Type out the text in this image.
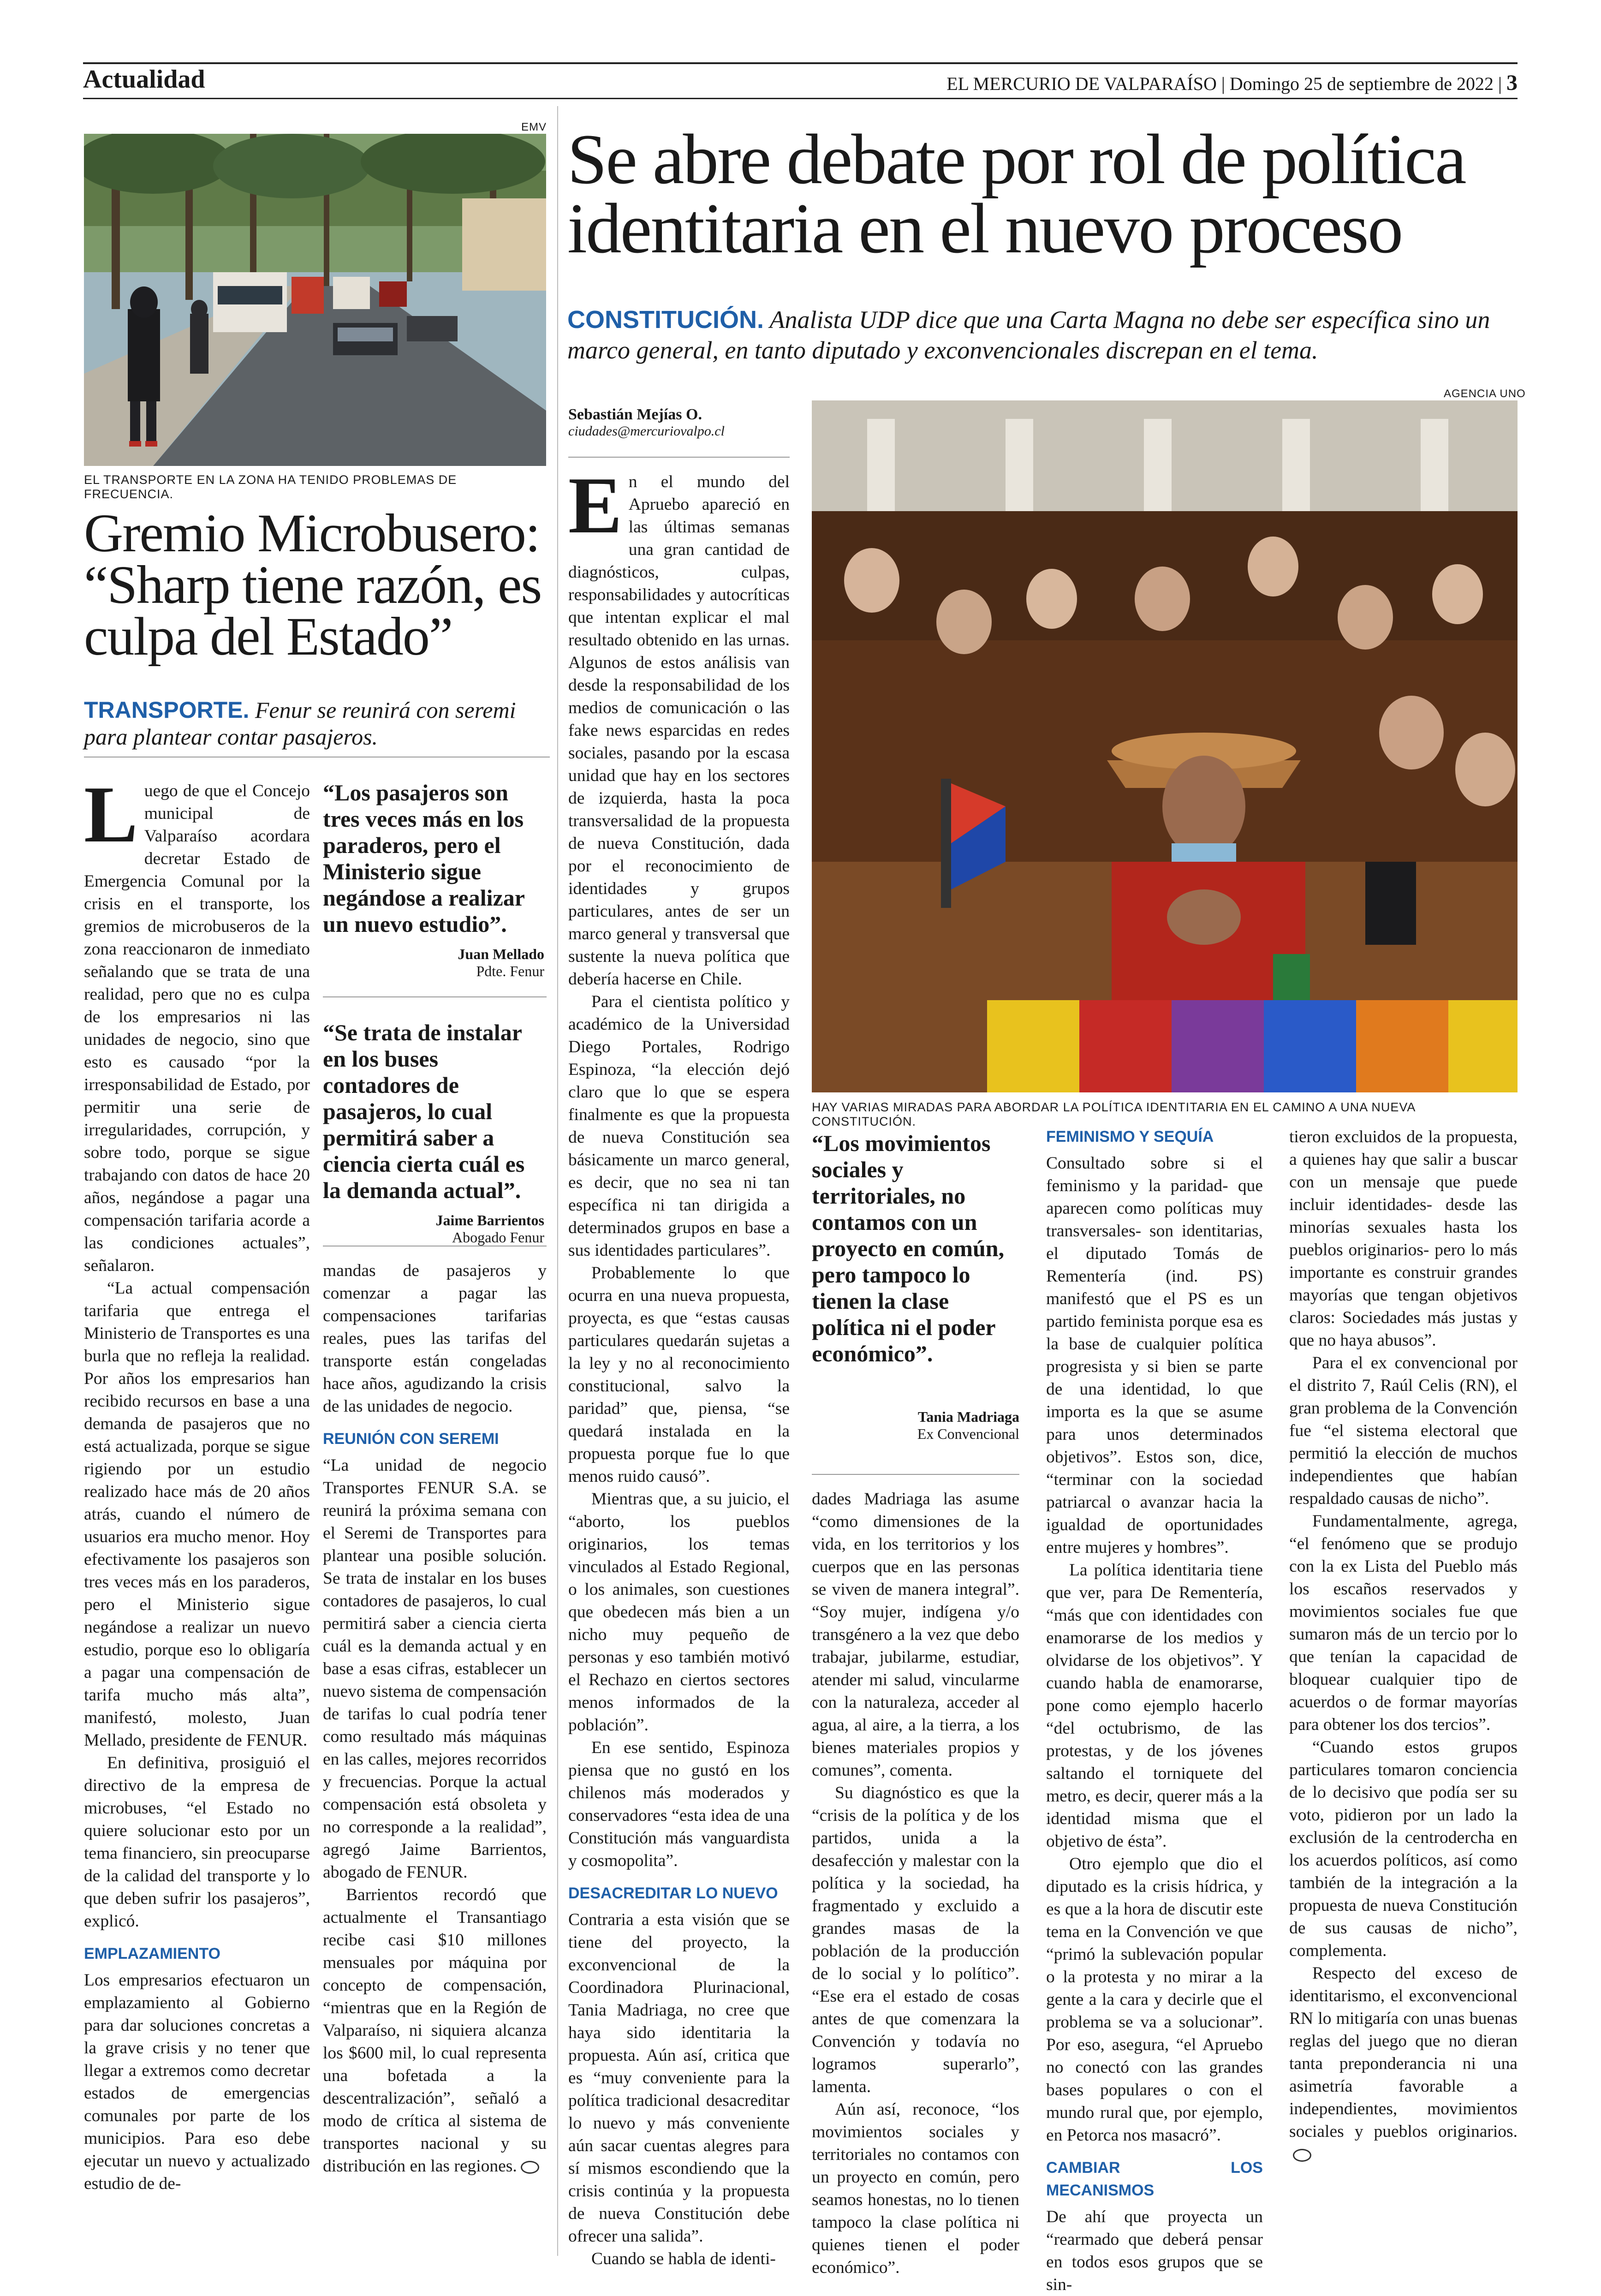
Actualidad	EL MERCURIO DE VALPARAÍSO | Domingo 25 de septiembre de 2022 | 3
EMV
EL TRANSPORTE EN LA ZONA HA TENIDO PROBLEMAS DE FRECUENCIA.
Gremio Microbusero: “Sharp tiene razón, es culpa del Estado”
TRANSPORTE. Fenur se reunirá con seremi para plantear contar pasajeros.

Luego de que el Concejo municipal de Valparaíso acordara decretar Estado de Emergencia Comunal por la crisis en el transporte, los gremios de microbuseros de la zona reaccionaron de inmediato señalando que se trata de una realidad, pero que no es culpa de los empresarios ni las unidades de negocio, sino que esto es causado “por la irresponsabilidad de Estado, por permitir una serie de irregularidades, corrupción, y sobre todo, porque se sigue trabajando con datos de hace 20 años, negándose a pagar una compensación tarifaria acorde a las condiciones actuales”, señalaron.

“La actual compensación tarifaria que entrega el Ministerio de Transportes es una burla que no refleja la realidad. Por años los empresarios han recibido recursos en base a una demanda de pasajeros que no está actualizada, porque se sigue rigiendo por un estudio realizado hace más de 20 años atrás, cuando el número de usuarios era mucho menor. Hoy efectivamente los pasajeros son tres veces más en los paraderos, pero el Ministerio sigue negándose a realizar un nuevo estudio, porque eso lo obligaría a pagar una compensación de tarifa mucho más alta”, manifestó, molesto, Juan Mellado, presidente de FENUR.

En definitiva, prosiguió el directivo de la empresa de microbuses, “el Estado no quiere solucionar esto por un tema financiero, sin preocuparse de la calidad del transporte y lo que deben sufrir los pasajeros”, explicó.

EMPLAZAMIENTO

Los empresarios efectuaron un emplazamiento al Gobierno para dar soluciones concretas a la grave crisis y no tener que llegar a extremos como decretar estados de emergencias comunales por parte de los municipios. Para eso debe ejecutar un nuevo y actualizado estudio de de-

“Los pasajeros son tres veces más en los paraderos, pero el Ministerio sigue negándose a realizar un nuevo estudio”.
Juan Mellado
Pdte. Fenur
“Se trata de instalar en los buses contadores de pasajeros, lo cual permitirá saber a ciencia cierta cuál es la demanda actual”.
Jaime Barrientos
Abogado Fenur

mandas de pasajeros y comenzar a pagar las compensaciones tarifarias reales, pues las tarifas del transporte están congeladas hace años, agudizando la crisis de las unidades de negocio.

REUNIÓN CON SEREMI

“La unidad de negocio Transportes FENUR S.A. se reunirá la próxima semana con el Seremi de Transportes para plantear una posible solución. Se trata de instalar en los buses contadores de pasajeros, lo cual permitirá saber a ciencia cierta cuál es la demanda actual y en base a esas cifras, establecer un nuevo sistema de compensación de tarifas lo cual podría tener como resultado más máquinas en las calles, mejores recorridos y frecuencias. Porque la actual compensación está obsoleta y no corresponde a la realidad”, agregó Jaime Barrientos, abogado de FENUR.

Barrientos recordó que actualmente el Transantiago recibe casi $10 millones mensuales por máquina por concepto de compensación, “mientras que en la Región de Valparaíso, ni siquiera alcanza los $600 mil, lo cual representa una bofetada a la descentralización”, señaló a modo de crítica al sistema de transportes nacional y su distribución en las regiones.

Se abre debate por rol de política identitaria en el nuevo proceso
CONSTITUCIÓN. Analista UDP dice que una Carta Magna no debe ser específica sino un marco general, en tanto diputado y exconvencionales discrepan en el tema.
Sebastián Mejías O.
ciudades@mercuriovalpo.cl
AGENCIA UNO
HAY VARIAS MIRADAS PARA ABORDAR LA POLÍTICA IDENTITARIA EN EL CAMINO A UNA NUEVA CONSTITUCIÓN.

En el mundo del Apruebo apareció en las últimas semanas una gran cantidad de diagnósticos, culpas, responsabilidades y autocríticas que intentan explicar el mal resultado obtenido en las urnas. Algunos de estos análisis van desde la responsabilidad de los medios de comunicación o las fake news esparcidas en redes sociales, pasando por la escasa unidad que hay en los sectores de izquierda, hasta la poca transversalidad de la propuesta de nueva Constitución, dada por el reconocimiento de identidades y grupos particulares, antes de ser un marco general y transversal que sustente la nueva política que debería hacerse en Chile.

Para el cientista político y académico de la Universidad Diego Portales, Rodrigo Espinoza, “la elección dejó claro que lo que se espera finalmente es que la propuesta de nueva Constitución sea básicamente un marco general, es decir, que no sea ni tan específica ni tan dirigida a determinados grupos en base a sus identidades particulares”.

Probablemente lo que ocurra en una nueva propuesta, proyecta, es que “estas causas particulares quedarán sujetas a la ley y no al reconocimiento constitucional, salvo la paridad” que, piensa, “se quedará instalada en la propuesta porque fue lo que menos ruido causó”.

Mientras que, a su juicio, el “aborto, los pueblos originarios, los temas vinculados al Estado Regional, o los animales, son cuestiones que obedecen más bien a un nicho muy pequeño de personas y eso también motivó el Rechazo en ciertos sectores menos informados de la población”.

En ese sentido, Espinoza piensa que no gustó en los chilenos más moderados y conservadores “esta idea de una Constitución más vanguardista y cosmopolita”.

DESACREDITAR LO NUEVO

Contraria a esta visión que se tiene del proyecto, la exconvencional de la Coordinadora Plurinacional, Tania Madriaga, no cree que haya sido identitaria la propuesta. Aún así, critica que es “muy conveniente para la política tradicional desacreditar lo nuevo y más conveniente aún sacar cuentas alegres para sí mismos escondiendo que la crisis continúa y la propuesta de nueva Constitución debe ofrecer una salida”.

Cuando se habla de identi-

“Los movimientos sociales y territoriales, no contamos con un proyecto en común, pero tampoco lo tienen la clase política ni el poder económico”.
Tania Madriaga
Ex Convencional

dades Madriaga las asume “como dimensiones de la vida, en los territorios y los cuerpos que en las personas se viven de manera integral”. “Soy mujer, indígena y/o transgénero a la vez que debo trabajar, jubilarme, estudiar, atender mi salud, vincularme con la naturaleza, acceder al agua, al aire, a la tierra, a los bienes materiales propios y comunes”, comenta.

Su diagnóstico es que la “crisis de la política y de los partidos, unida a la desafección y malestar con la política y la sociedad, ha fragmentado y excluido a grandes masas de la población de la producción de lo social y lo político”. “Ese era el estado de cosas antes de que comenzara la Convención y todavía no logramos superarlo”, lamenta.

Aún así, reconoce, “los movimientos sociales y territoriales no contamos con un proyecto en común, pero seamos honestas, no lo tienen tampoco la clase política ni quienes tienen el poder económico”.

FEMINISMO Y SEQUÍA

Consultado sobre si el feminismo y la paridad- que aparecen como políticas muy transversales- son identitarias, el diputado Tomás de Rementería (ind. PS) manifestó que el PS es un partido feminista porque esa es la base de cualquier política progresista y si bien se parte de una identidad, lo que importa es la que se asume para unos determinados objetivos”. Estos son, dice, “terminar con la sociedad patriarcal o avanzar hacia la igualdad de oportunidades entre mujeres y hombres”.

La política identitaria tiene que ver, para De Rementería, “más que con identidades con enamorarse de los medios y olvidarse de los objetivos”. Y cuando habla de enamorarse, pone como ejemplo hacerlo “del octubrismo, de las protestas, y de los jóvenes saltando el torniquete del metro, es decir, querer más a la identidad misma que el objetivo de ésta”.

Otro ejemplo que dio el diputado es la crisis hídrica, y es que a la hora de discutir este tema en la Convención ve que “primó la sublevación popular o la protesta y no mirar a la gente a la cara y decirle que el problema se va a solucionar”. Por eso, asegura, “el Apruebo no conectó con las grandes bases populares o con el mundo rural que, por ejemplo, en Petorca nos masacró”.

CAMBIAR LOS MECANISMOS

De ahí que proyecta un “rearmado que deberá pensar en todos esos grupos que se sin-

tieron excluidos de la propuesta, a quienes hay que salir a buscar con un mensaje que puede incluir identidades- desde las minorías sexuales hasta los pueblos originarios- pero lo más importante es construir grandes mayorías que tengan objetivos claros: Sociedades más justas y que no haya abusos”.

Para el ex convencional por el distrito 7, Raúl Celis (RN), el gran problema de la Convención fue “el sistema electoral que permitió la elección de muchos independientes que habían respaldado causas de nicho”.

Fundamentalmente, agrega, “el fenómeno que se produjo con la ex Lista del Pueblo más los escaños reservados y movimientos sociales fue que sumaron más de un tercio por lo que tenían la capacidad de bloquear cualquier tipo de acuerdos o de formar mayorías para obtener los dos tercios”.

“Cuando estos grupos particulares tomaron conciencia de lo decisivo que podía ser su voto, pidieron por un lado la exclusión de la centrodercha en los acuerdos políticos, así como también de la integración a la propuesta de nueva Constitución de sus causas de nicho”, complementa.

Respecto del exceso de identitarismo, el exconvencional RN lo mitigaría con unas buenas reglas del juego que no dieran tanta preponderancia ni una asimetría favorable a independientes, movimientos sociales y pueblos originarios.
